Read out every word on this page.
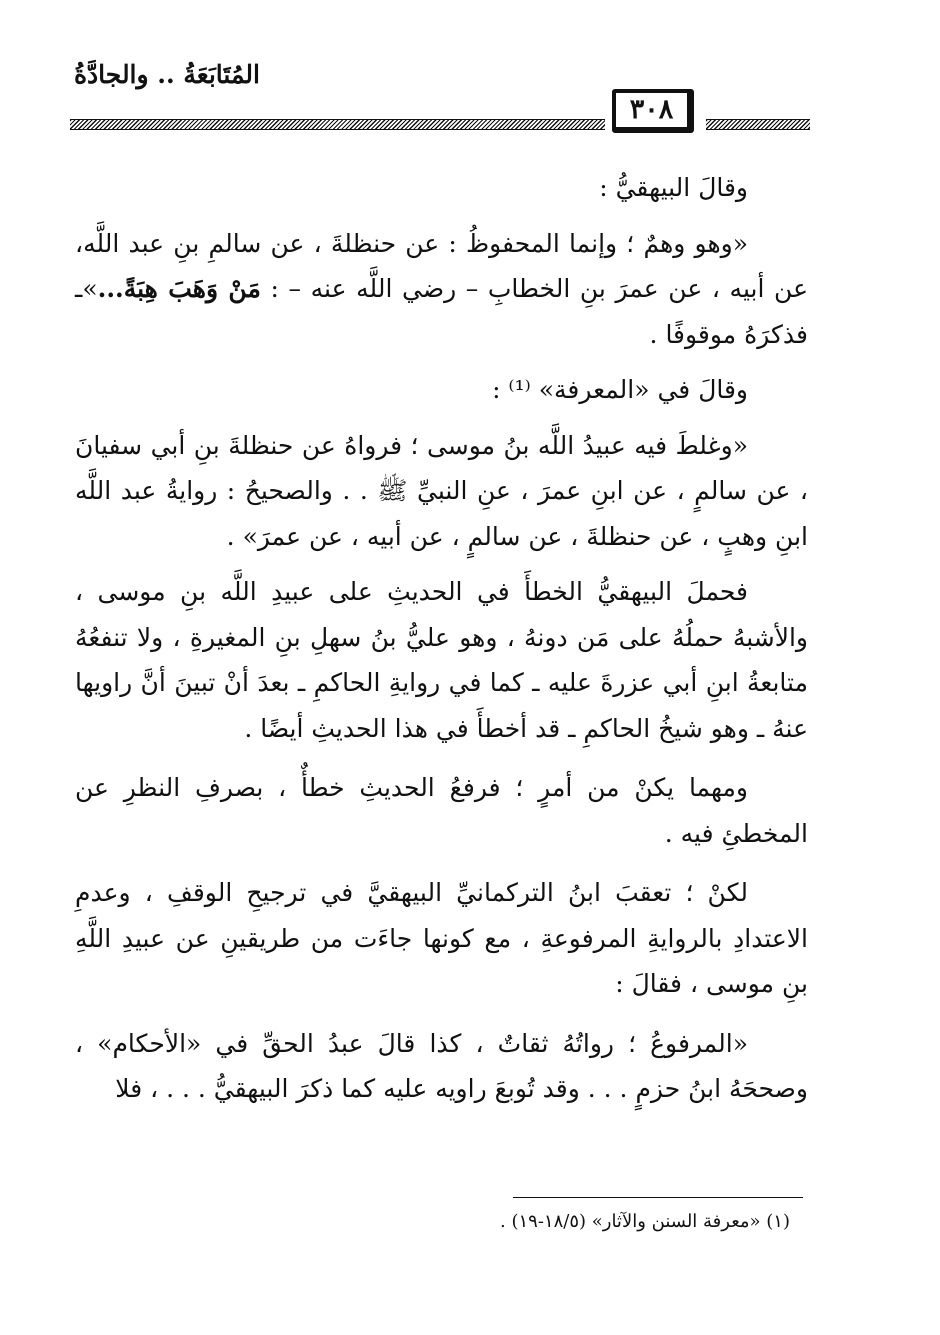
المُتَابَعَةُ .. والجادَّةُ
٣٠٨

وقالَ البيهقيُّ :

«وهو وهمٌ ؛ وإنما المحفوظُ : عن حنظلةَ ، عن سالمِ بنِ عبد اللَّه، عن أبيه ، عن عمرَ بنِ الخطابِ – رضي اللَّه عنه – : مَنْ وَهَبَ هِبَةً...»ـ فذكرَهُ موقوفًا .

وقالَ في «المعرفة» ⁽¹⁾ :

«وغلطَ فيه عبيدُ اللَّه بنُ موسى ؛ فرواهُ عن حنظلةَ بنِ أبي سفيانَ ، عن سالمٍ ، عن ابنِ عمرَ ، عنِ النبيِّ ﷺ . . والصحيحُ : روايةُ عبد اللَّه ابنِ وهبٍ ، عن حنظلةَ ، عن سالمٍ ، عن أبيه ، عن عمرَ» .

فحملَ البيهقيُّ الخطأَ في الحديثِ على عبيدِ اللَّه بنِ موسى ، والأشبهُ حملُهُ على مَن دونهُ ، وهو عليُّ بنُ سهلِ بنِ المغيرةِ ، ولا تنفعُهُ متابعةُ ابنِ أبي عزرةَ عليه ـ كما في روايةِ الحاكمِ ـ بعدَ أنْ تبينَ أنَّ راويها عنهُ ـ وهو شيخُ الحاكمِ ـ قد أخطأَ في هذا الحديثِ أيضًا .

ومهما يكنْ من أمرٍ ؛ فرفعُ الحديثِ خطأٌ ، بصرفِ النظرِ عن المخطئِ فيه .

لكنْ ؛ تعقبَ ابنُ التركمانيِّ البيهقيَّ في ترجيحِ الوقفِ ، وعدمِ الاعتدادِ بالروايةِ المرفوعةِ ، مع كونها جاءَت من طريقينِ عن عبيدِ اللَّهِ بنِ موسى ، فقالَ :

«المرفوعُ ؛ رواتُهُ ثقاتٌ ، كذا قالَ عبدُ الحقِّ في «الأحكام» ، وصححَهُ ابنُ حزمٍ . . . وقد تُوبعَ راويه عليه كما ذكرَ البيهقيُّ . . . ، فلا

(١) «معرفة السنن والآثار» (١٨/٥-١٩) .
